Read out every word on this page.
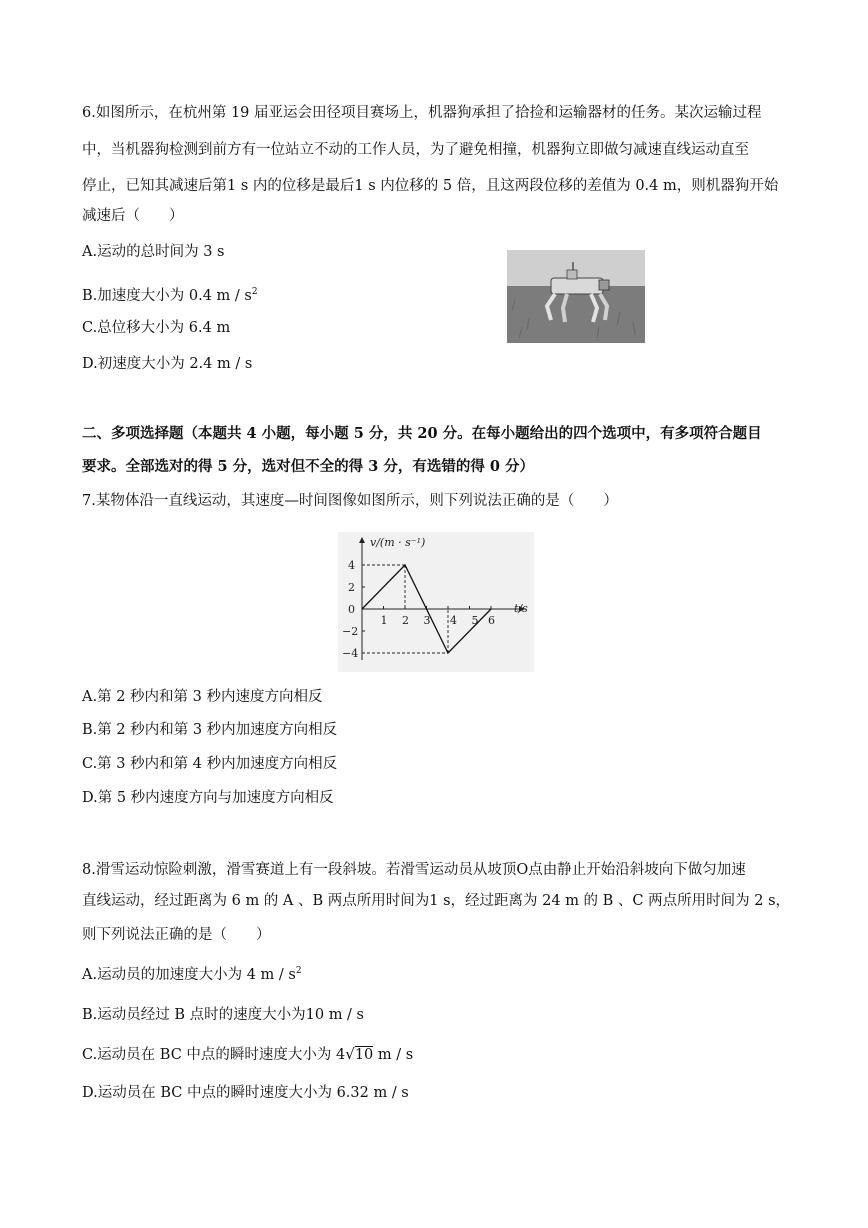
6.如图所示，在杭州第 19 届亚运会田径项目赛场上，机器狗承担了拾捡和运输器材的任务。某次运输过程
中，当机器狗检测到前方有一位站立不动的工作人员，为了避免相撞，机器狗立即做匀减速直线运动直至
停止，已知其减速后第1 s 内的位移是最后1 s 内位移的 5 倍，且这两段位移的差值为 0.4 m，则机器狗开始
减速后（　　）
A.运动的总时间为 3 s
B.加速度大小为 0.4 m / $s^2$
C.总位移大小为 6.4 m
D.初速度大小为 2.4 m / s
二、多项选择题（本题共 4 小题，每小题 5 分，共 20 分。在每小题给出的四个选项中，有多项符合题目
要求。全部选对的得 5 分，选对但不全的得 3 分，有选错的得 0 分）
7.某物体沿一直线运动，其速度—时间图像如图所示，则下列说法正确的是（　　）
v/(m · s⁻¹)
t/s
1 2 3 4 5 6
4
2
0
−2
−4
A.第 2 秒内和第 3 秒内速度方向相反
B.第 2 秒内和第 3 秒内加速度方向相反
C.第 3 秒内和第 4 秒内加速度方向相反
D.第 5 秒内速度方向与加速度方向相反
8.滑雪运动惊险刺激，滑雪赛道上有一段斜坡。若滑雪运动员从坡顶O点由静止开始沿斜坡向下做匀加速
直线运动，经过距离为 6 m 的 A 、B 两点所用时间为1 s，经过距离为 24 m 的 B 、C 两点所用时间为 2 s，
则下列说法正确的是（　　）
A.运动员的加速度大小为 4 m / $s^2$
B.运动员经过 B 点时的速度大小为10 m / s
C.运动员在 BC 中点的瞬时速度大小为 4√10 m / s
D.运动员在 BC 中点的瞬时速度大小为 6.32 m / s
